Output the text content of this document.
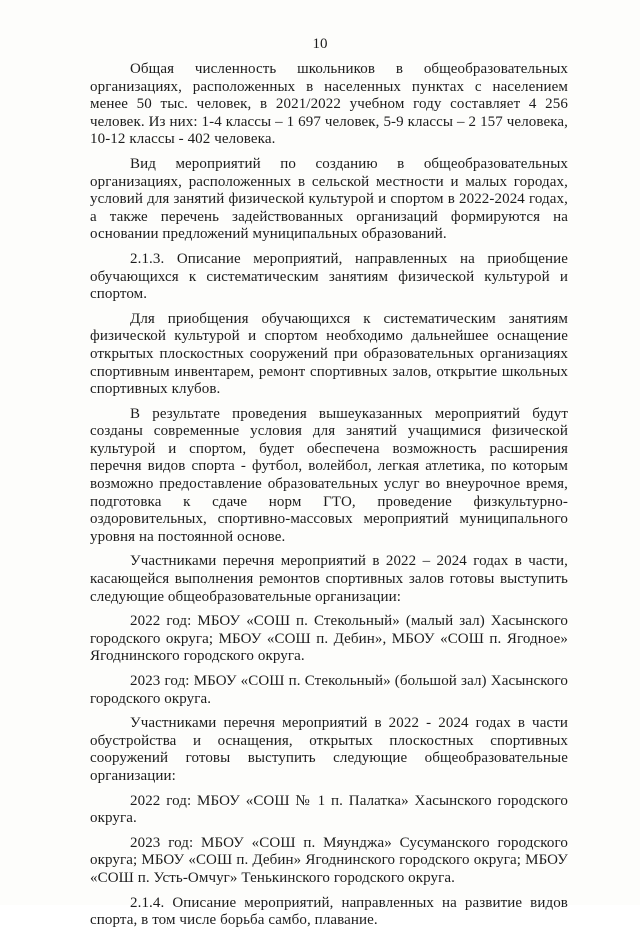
10

Общая численность школьников в общеобразовательных организациях, расположенных в населенных пунктах с населением менее 50 тыс. человек, в 2021/2022 учебном году составляет 4 256 человек. Из них: 1-4 классы – 1 697 человек, 5-9 классы – 2 157 человека, 10-12 классы - 402 человека.

Вид мероприятий по созданию в общеобразовательных организациях, расположенных в сельской местности и малых городах, условий для занятий физической культурой и спортом в 2022-2024 годах, а также перечень задействованных организаций формируются на основании предложений муниципальных образований.

2.1.3. Описание мероприятий, направленных на приобщение обучающихся к систематическим занятиям физической культурой и спортом.

Для приобщения обучающихся к систематическим занятиям физической культурой и спортом необходимо дальнейшее оснащение открытых плоскостных сооружений при образовательных организациях спортивным инвентарем, ремонт спортивных залов, открытие школьных спортивных клубов.

В результате проведения вышеуказанных мероприятий будут созданы современные условия для занятий учащимися физической культурой и спортом, будет обеспечена возможность расширения перечня видов спорта - футбол, волейбол, легкая атлетика, по которым возможно предоставление образовательных услуг во внеурочное время, подготовка к сдаче норм ГТО, проведение физкультурно-оздоровительных, спортивно-массовых мероприятий муниципального уровня на постоянной основе.

Участниками перечня мероприятий в 2022 – 2024 годах в части, касающейся выполнения ремонтов спортивных залов готовы выступить следующие общеобразовательные организации:

2022 год: МБОУ «СОШ п. Стекольный» (малый зал) Хасынского городского округа; МБОУ «СОШ п. Дебин», МБОУ «СОШ п. Ягодное» Ягоднинского городского округа.

2023 год: МБОУ «СОШ п. Стекольный» (большой зал) Хасынского городского округа.

Участниками перечня мероприятий в 2022 - 2024 годах в части обустройства и оснащения, открытых плоскостных спортивных сооружений готовы выступить следующие общеобразовательные организации:

2022 год: МБОУ «СОШ № 1 п. Палатка» Хасынского городского округа.

2023 год: МБОУ «СОШ п. Мяунджа» Сусуманского городского округа; МБОУ «СОШ п. Дебин» Ягоднинского городского округа; МБОУ «СОШ п. Усть-Омчуг» Тенькинского городского округа.

2.1.4. Описание мероприятий, направленных на развитие видов спорта, в том числе борьба самбо, плавание.
